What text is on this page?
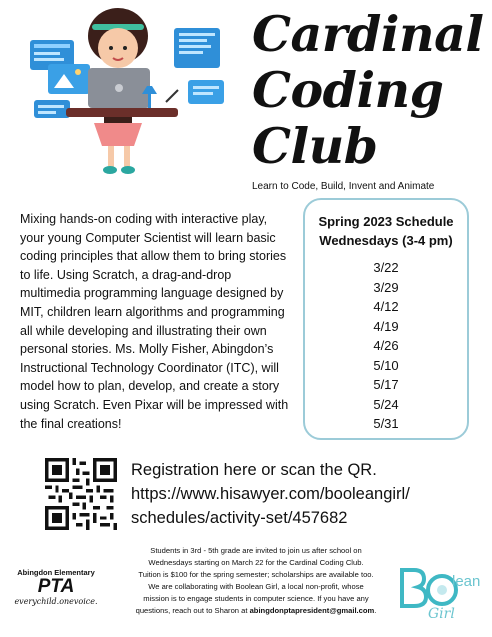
Cardinal
Coding
Club
Learn to Code, Build, Invent and Animate
Mixing hands-on coding with interactive play, your young Computer Scientist will learn basic coding principles that allow them to bring stories to life. Using Scratch, a drag-and-drop multimedia programming language designed by MIT, children learn algorithms and programming all while developing and illustrating their own personal stories. Ms. Molly Fisher, Abingdon’s Instructional Technology Coordinator (ITC), will model how to plan, develop, and create a story using Scratch. Even Pixar will be impressed with the final creations!
Spring 2023 Schedule
Wednesdays (3-4 pm)
3/22
3/29
4/12
4/19
4/26
5/10
5/17
5/24
5/31
Registration here or scan the QR.
https://www.hisawyer.com/booleangirl/
schedules/activity-set/457682
Students in 3rd - 5th grade are invited to join us after school on
Wednesdays starting on March 22 for the Cardinal Coding Club.
Tuition is $100 for the spring semester; scholarships are available too.
We are collaborating with Boolean Girl, a local non-profit, whose
mission is to engage students in computer science. If you have any
questions, reach out to Sharon at abingdonptapresident@gmail.com.
Abingdon Elementary
PTA
everychild.onevoice.
lean
Girl
